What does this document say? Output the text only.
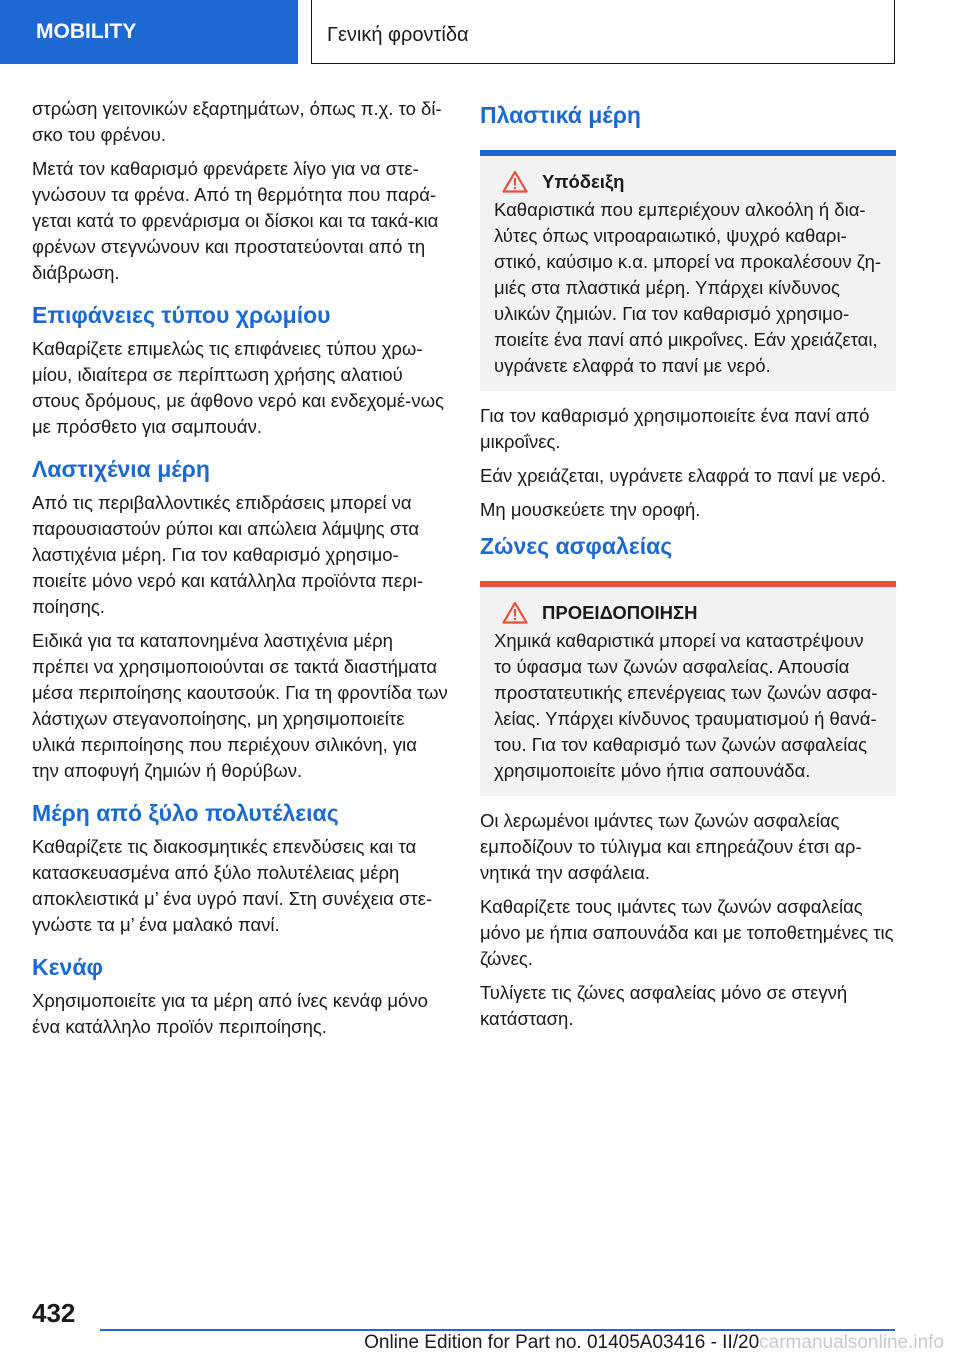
MOBILITY	Γενική φροντίδα

στρώση γειτονικών εξαρτημάτων, όπως π.χ. το δί-σκο του φρένου.

Μετά τον καθαρισμό φρενάρετε λίγο για να στε-γνώσουν τα φρένα. Από τη θερμότητα που παρά-γεται κατά το φρενάρισμα οι δίσκοι και τα τακά-κια φρένων στεγνώνουν και προστατεύονται από τη διάβρωση.

Επιφάνειες τύπου χρωμίου

Καθαρίζετε επιμελώς τις επιφάνειες τύπου χρω-μίου, ιδιαίτερα σε περίπτωση χρήσης αλατιού στους δρόμους, με άφθονο νερό και ενδεχομέ-νως με πρόσθετο για σαμπουάν.

Λαστιχένια μέρη

Από τις περιβαλλοντικές επιδράσεις μπορεί να παρουσιαστούν ρύποι και απώλεια λάμψης στα λαστιχένια μέρη. Για τον καθαρισμό χρησιμο-ποιείτε μόνο νερό και κατάλληλα προϊόντα περι-ποίησης.

Ειδικά για τα καταπονημένα λαστιχένια μέρη πρέπει να χρησιμοποιούνται σε τακτά διαστήματα μέσα περιποίησης καουτσούκ. Για τη φροντίδα των λάστιχων στεγανοποίησης, μη χρησιμοποιείτε υλικά περιποίησης που περιέχουν σιλικόνη, για την αποφυγή ζημιών ή θορύβων.

Μέρη από ξύλο πολυτέλειας

Καθαρίζετε τις διακοσμητικές επενδύσεις και τα κατασκευασμένα από ξύλο πολυτέλειας μέρη αποκλειστικά μ’ ένα υγρό πανί. Στη συνέχεια στε-γνώστε τα μ’ ένα μαλακό πανί.

Κενάφ

Χρησιμοποιείτε για τα μέρη από ίνες κενάφ μόνο ένα κατάλληλο προϊόν περιποίησης.

Πλαστικά μέρη
Υπόδειξη

Καθαριστικά που εμπεριέχουν αλκοόλη ή δια-λύτες όπως νιτροαραιωτικό, ψυχρό καθαρι-στικό, καύσιμο κ.α. μπορεί να προκαλέσουν ζη-μιές στα πλαστικά μέρη. Υπάρχει κίνδυνος υλικών ζημιών. Για τον καθαρισμό χρησιμο-ποιείτε ένα πανί από μικροΐνες. Εάν χρειάζεται, υγράνετε ελαφρά το πανί με νερό.

Για τον καθαρισμό χρησιμοποιείτε ένα πανί από μικροΐνες.

Εάν χρειάζεται, υγράνετε ελαφρά το πανί με νερό.

Μη μουσκεύετε την οροφή.

Ζώνες ασφαλείας
ΠΡΟΕΙΔΟΠΟΙΗΣΗ

Χημικά καθαριστικά μπορεί να καταστρέψουν το ύφασμα των ζωνών ασφαλείας. Απουσία προστατευτικής επενέργειας των ζωνών ασφα-λείας. Υπάρχει κίνδυνος τραυματισμού ή θανά-του. Για τον καθαρισμό των ζωνών ασφαλείας χρησιμοποιείτε μόνο ήπια σαπουνάδα.

Οι λερωμένοι ιμάντες των ζωνών ασφαλείας εμποδίζουν το τύλιγμα και επηρεάζουν έτσι αρ-νητικά την ασφάλεια.

Καθαρίζετε τους ιμάντες των ζωνών ασφαλείας μόνο με ήπια σαπουνάδα και με τοποθετημένες τις ζώνες.

Τυλίγετε τις ζώνες ασφαλείας μόνο σε στεγνή κατάσταση.

432
Online Edition for Part no. 01405A03416 - II/20carmanualsonline.info
